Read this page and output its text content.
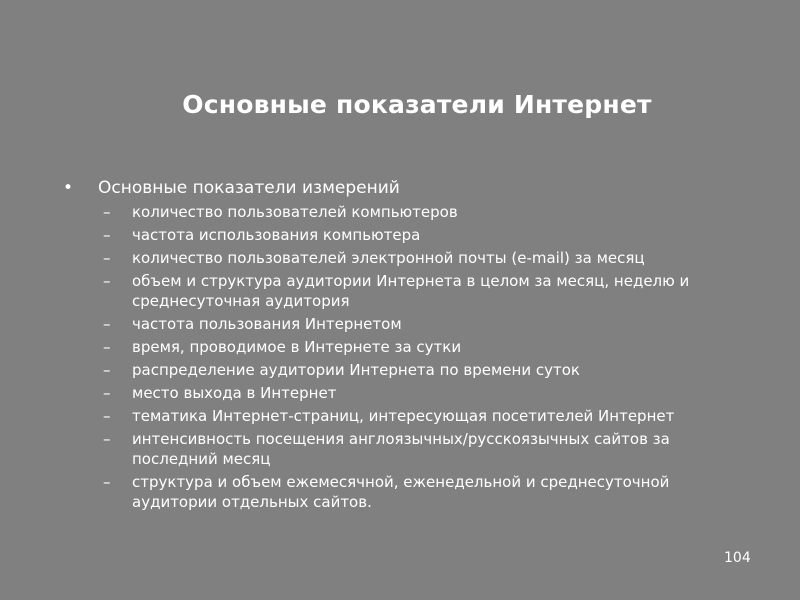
Основные показатели Интернет
•	Основные показатели измерений
–	количество пользователей компьютеров
–	частота использования компьютера
–	количество пользователей электронной почты (e-mail) за месяц
–	объем и структура аудитории Интернета в целом за месяц, неделю и среднесуточная аудитория
–	частота пользования Интернетом
–	время, проводимое в Интернете за сутки
–	распределение аудитории Интернета по времени суток
–	место выхода в Интернет
–	тематика Интернет-страниц, интересующая посетителей Интернет
–	интенсивность посещения англоязычных/русскоязычных сайтов за последний месяц
–	структура и объем ежемесячной, еженедельной и среднесуточной аудитории отдельных сайтов.
104
